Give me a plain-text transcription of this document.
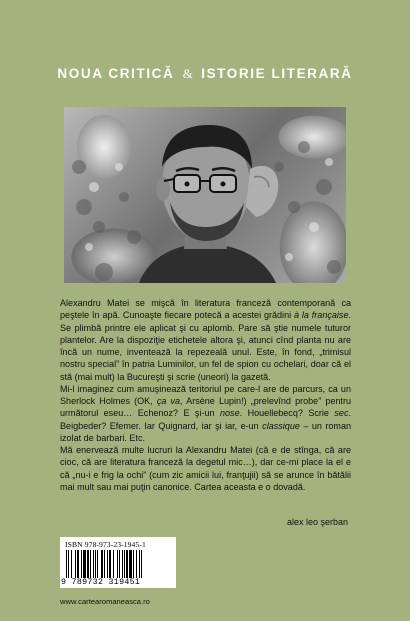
NOUA CRITICĂ & ISTORIE LITERARĂ

Alexandru Matei se mişcă în literatura franceză contemporană ca peştele în apă. Cunoaşte fiecare potecă a acestei grădini à la française. Se plimbă printre ele aplicat şi cu aplomb. Pare să ştie numele tuturor plantelor. Are la dispoziţie etichetele altora şi, atunci cînd planta nu are încă un nume, inventează la repezeală unul. Este, în fond, „trimisul nostru special” în patria Luminilor, un fel de spion cu ochelari, doar că el stă (mai mult) la Bucureşti şi scrie (uneori) la gazetă.

Mi-l imaginez cum amuşinează teritoriul pe care-l are de parcurs, ca un Sherlock Holmes (OK, ça va, Arsène Lupin!) „prelevînd probe” pentru următorul eseu… Echenoz? E şi-un nose. Houellebecq? Scrie sec. Beigbeder? Efemer. Iar Quignard, iar şi iar, e-un classique – un roman izolat de barbari. Etc.

Mă enervează multe lucruri la Alexandru Matei (că e de stînga, că are cioc, că are literatura franceză la degetul mic…), dar ce-mi place la el e că „nu-i e frig la ochi” (cum zic amicii lui, franţujii) să se arunce în bătălii mai mult sau mai puţin canonice. Cartea aceasta e o dovadă.

alex leo şerban
ISBN 978-973-23-1945-1
9 789732 319451
www.cartearomaneasca.ro
